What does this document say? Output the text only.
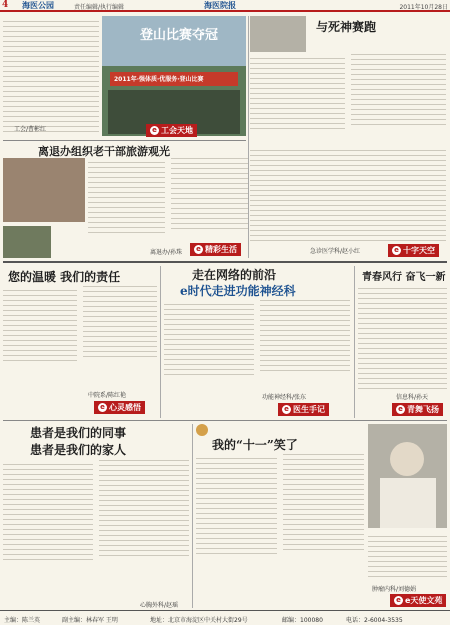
4 海医公园	责任编辑/执行编辑	海医院报	2011年10月28日
工会/曹彬红
2011年·强体质·优服务·登山比赛
登山比赛夺冠
e 工会天地
与死神赛跑
急诊医学科/赵小红	e 十字天空
离退办组织老干部旅游观光
离退办/孙珠	e 精彩生活
您的温暖 我们的责任
中院系/陈红艳
e 心灵感悟
走在网络的前沿
e时代走进功能神经科
功能神经科/张东
e 医生手记
青春风行 奋飞一新
信息科/孙天
e 青舞飞扬
患者是我们的同事
患者是我们的家人
心胸外科/赵瑶
我的“十一”笑了
肿瘤内科/刘德娟
e e天使文苑
主编：陈兰英	副主编：林春军 王明	地址：北京市海淀区中关村大街29号	邮编：100080	电话：2-6004-3535
